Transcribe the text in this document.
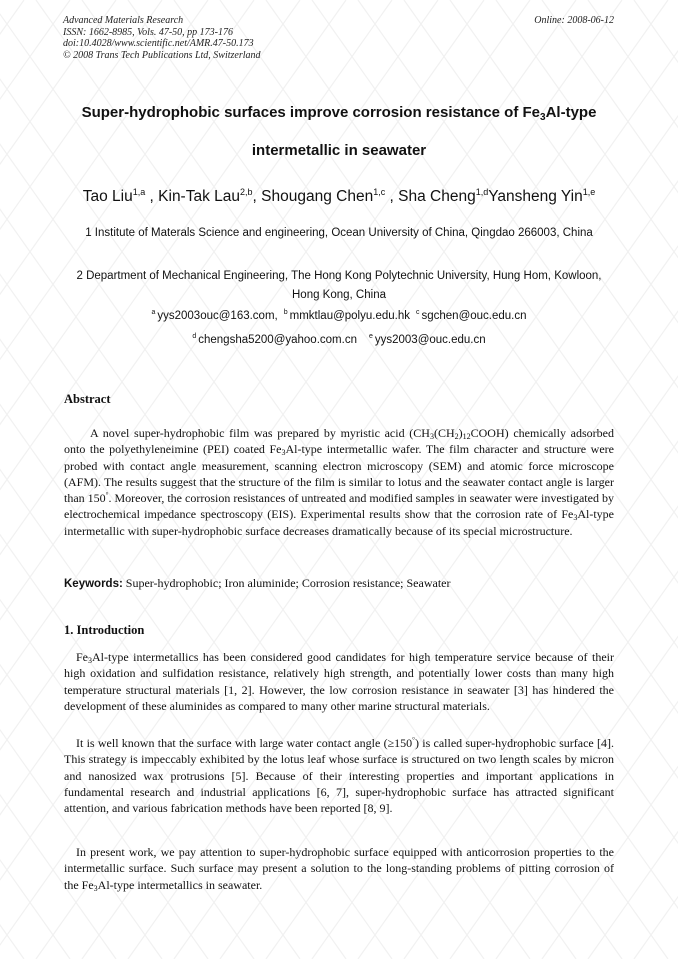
Advanced Materials Research
ISSN: 1662-8985, Vols. 47-50, pp 173-176
doi:10.4028/www.scientific.net/AMR.47-50.173
© 2008 Trans Tech Publications Ltd, Switzerland
Online: 2008-06-12
Super-hydrophobic surfaces improve corrosion resistance of $Fe_3Al$-type
intermetallic in seawater
Tao Liu$^{1,a}$ , Kin-Tak Lau$^{2,b}$, Shougang Chen$^{1,c}$ , Sha Cheng$^{1,d}$Yansheng Yin$^{1,e}$
1 Institute of Materals Science and engineering, Ocean University of China, Qingdao 266003, China
2 Department of Mechanical Engineering, The Hong Kong Polytechnic University, Hung Hom, Kowloon, Hong Kong, China
$^a$ yys2003ouc@163.com, $^b$ mmktlau@polyu.edu.hk $^c$ sgchen@ouc.edu.cn
$^d$ chengsha5200@yahoo.com.cn $^e$ yys2003@ouc.edu.cn
Abstract
A novel super-hydrophobic film was prepared by myristic acid $(CH_3(CH_2)_{12}COOH)$ chemically adsorbed onto the polyethyleneimine (PEI) coated $Fe_3Al$-type intermetallic wafer. The film character and structure were probed with contact angle measurement, scanning electron microscopy (SEM) and atomic force microscope (AFM). The results suggest that the structure of the film is similar to lotus and the seawater contact angle is larger than 150°. Moreover, the corrosion resistances of untreated and modified samples in seawater were investigated by electrochemical impedance spectroscopy (EIS). Experimental results show that the corrosion rate of $Fe_3Al$-type intermetallic with super-hydrophobic surface decreases dramatically because of its special microstructure.
Keywords: Super-hydrophobic; Iron aluminide; Corrosion resistance; Seawater
1. Introduction
$Fe_3Al$-type intermetallics has been considered good candidates for high temperature service because of their high oxidation and sulfidation resistance, relatively high strength, and potentially lower costs than many high temperature structural materials [1, 2]. However, the low corrosion resistance in seawater [3] has hindered the development of these aluminides as compared to many other marine structural materials.
It is well known that the surface with large water contact angle (≥150°) is called super-hydrophobic surface [4]. This strategy is impeccably exhibited by the lotus leaf whose surface is structured on two length scales by micron and nanosized wax protrusions [5]. Because of their interesting properties and important applications in fundamental research and industrial applications [6, 7], super-hydrophobic surface has attracted significant attention, and various fabrication methods have been reported [8, 9].
In present work, we pay attention to super-hydrophobic surface equipped with anticorrosion properties to the intermetallic surface. Such surface may present a solution to the long-standing problems of pitting corrosion of the $Fe_3Al$-type intermetallics in seawater.
